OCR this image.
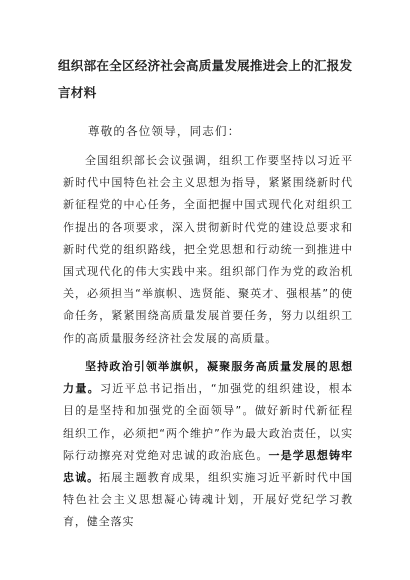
组织部在全区经济社会高质量发展推进会上的汇报发言材料
尊敬的各位领导，同志们：
全国组织部长会议强调，组织工作要坚持以习近平新时代中国特色社会主义思想为指导，紧紧围绕新时代新征程党的中心任务，全面把握中国式现代化对组织工作提出的各项要求，深入贯彻新时代党的建设总要求和新时代党的组织路线，把全党思想和行动统一到推进中国式现代化的伟大实践中来。组织部门作为党的政治机关，必须担当“举旗帜、选贤能、聚英才、强根基”的使命任务，紧紧围绕高质量发展首要任务，努力以组织工作的高质量服务经济社会发展的高质量。
坚持政治引领举旗帜，凝聚服务高质量发展的思想力量。习近平总书记指出，“加强党的组织建设，根本目的是坚持和加强党的全面领导”。做好新时代新征程组织工作，必须把“两个维护”作为最大政治责任，以实际行动擦亮对党绝对忠诚的政治底色。一是学思想铸牢忠诚。拓展主题教育成果，组织实施习近平新时代中国特色社会主义思想凝心铸魂计划，开展好党纪学习教育，健全落实
